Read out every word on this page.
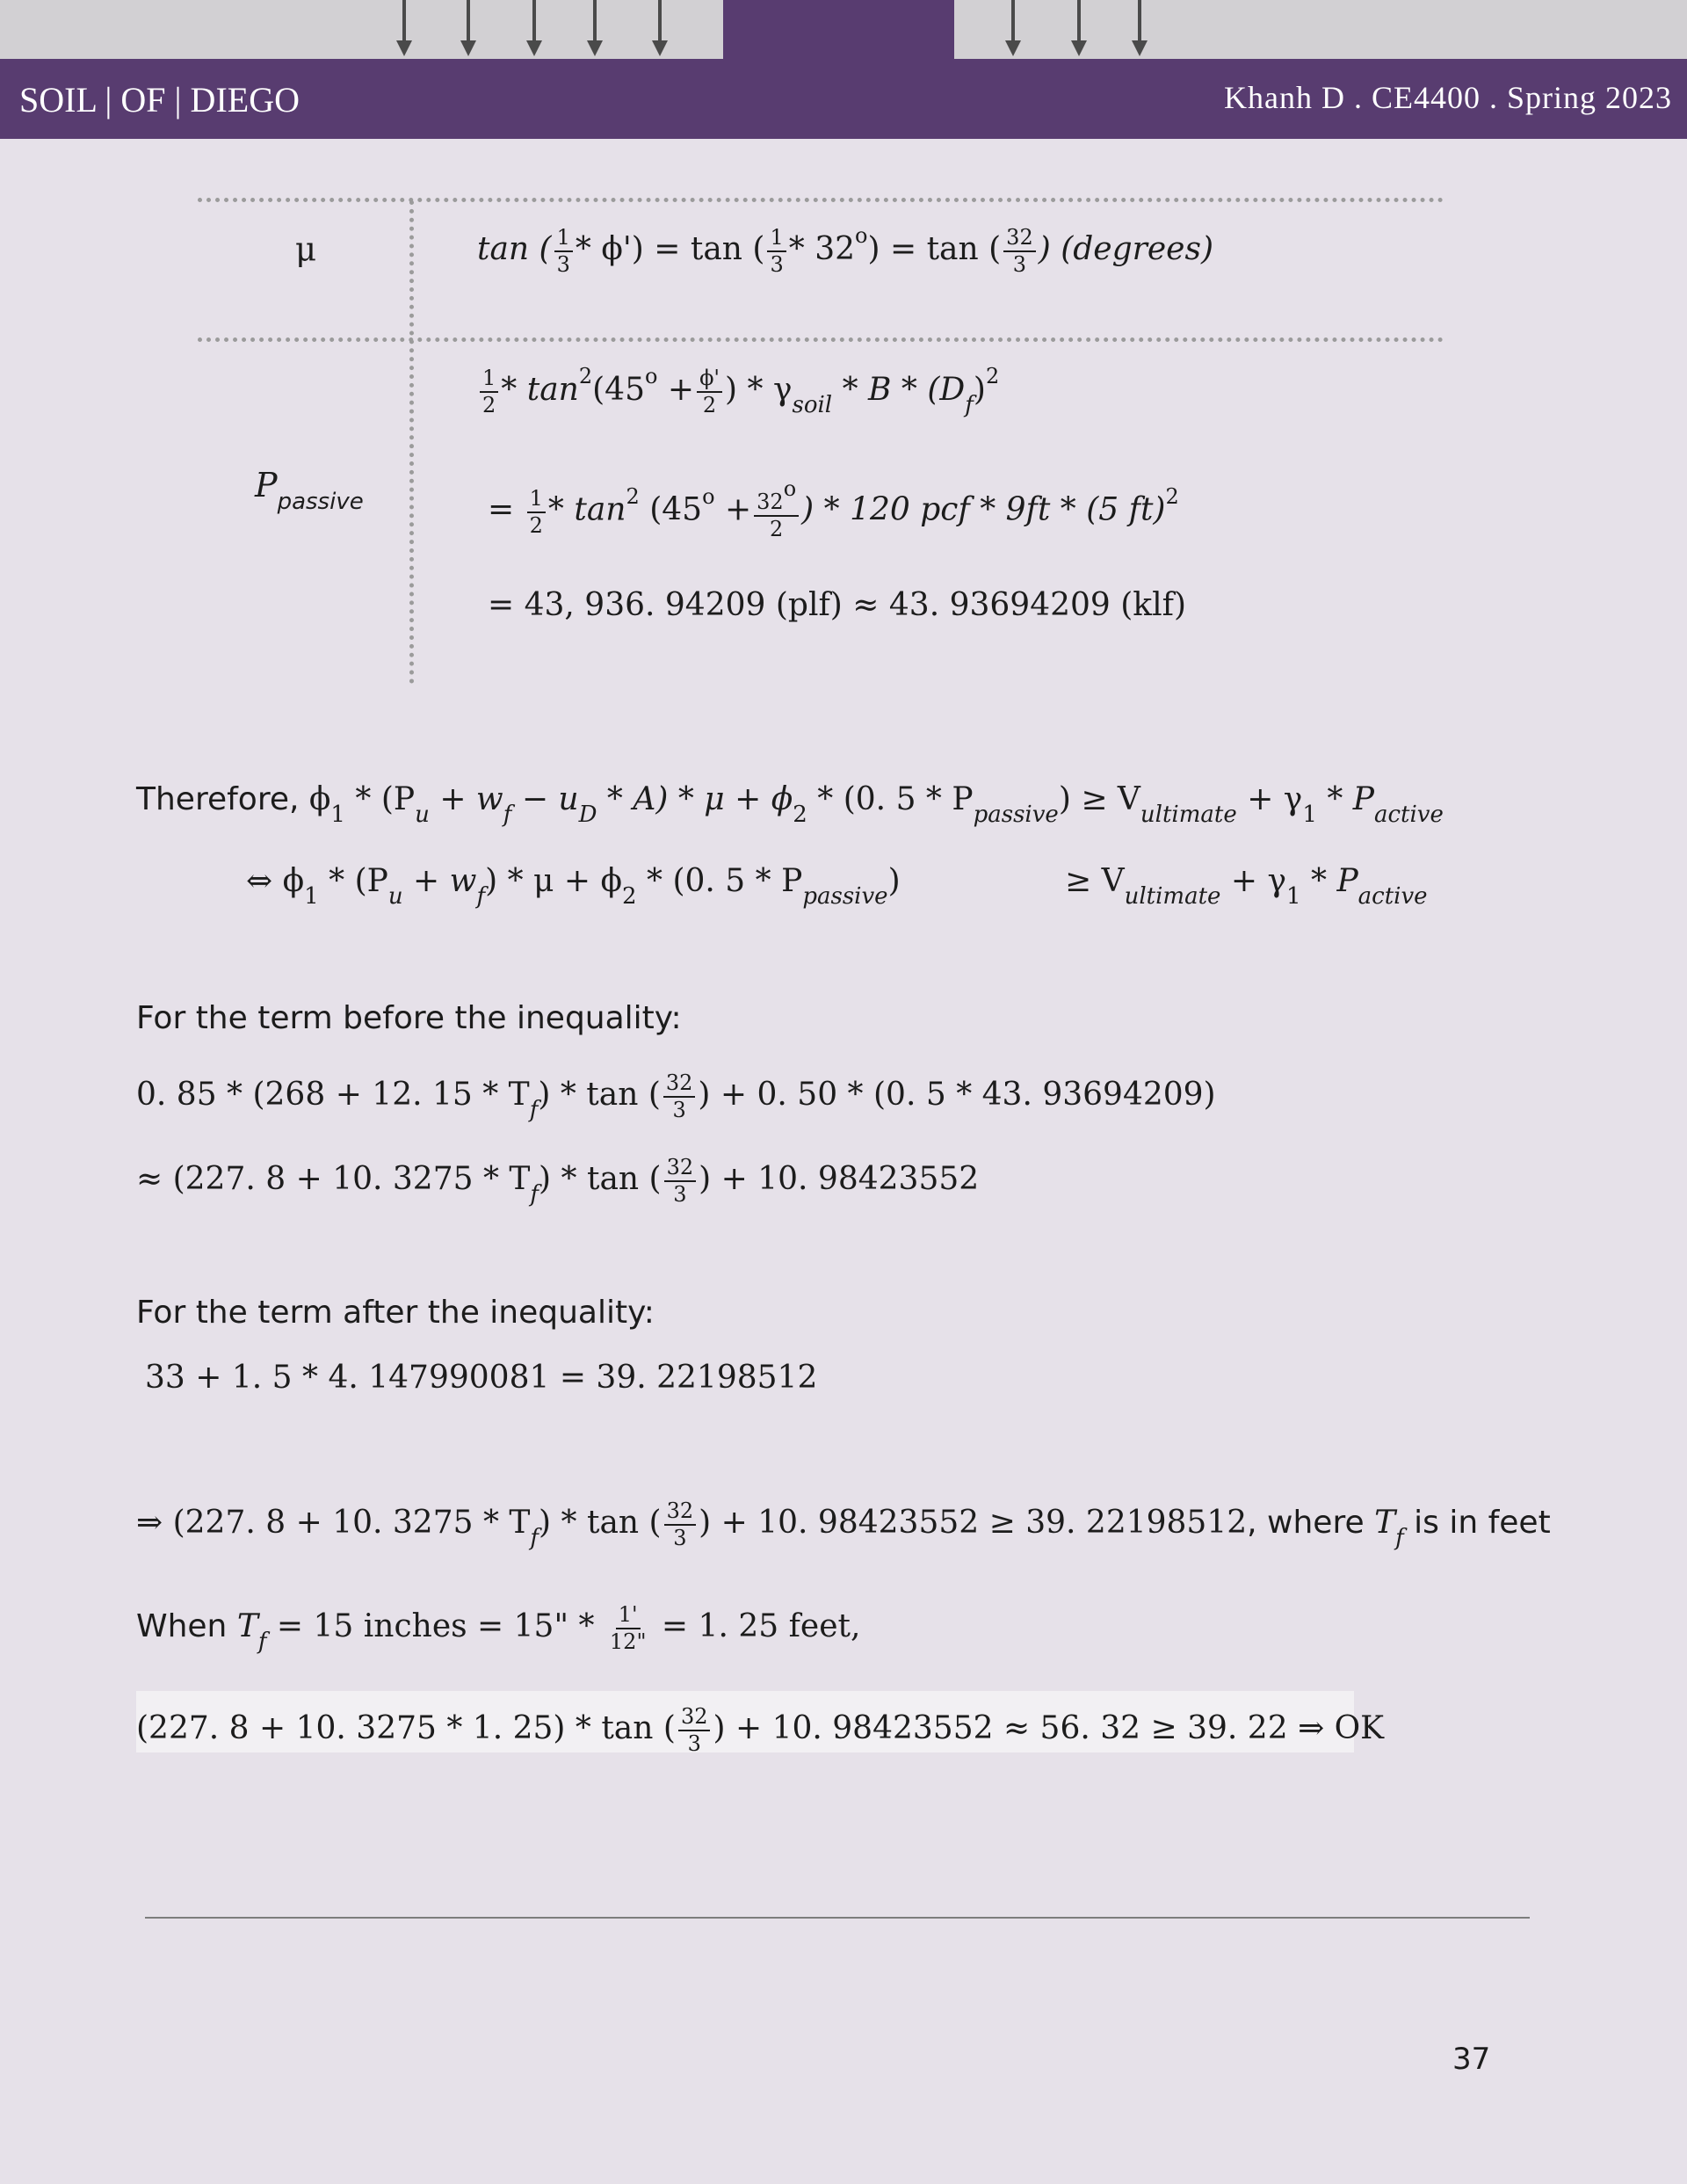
SOIL | OF | DIEGO	Khanh D . CE4400 . Spring 2023
μ
$P_{passive}$
tan ( $\frac{1}{3} * \phi') = \tan$ ( $\frac{1}{3} * 32^o) = \tan$ ( $\frac{32}{3}$ ) (degrees)
$\frac{1}{2} * \tan^2(45^o + \frac{\phi'}{2}$ ) * $\gamma_{soil}$ * B * $(D_f)^2$
= $\frac{1}{2} * \tan^2 (45^o + \frac{32^o}{2}$ ) * 120 pcf * 9ft * (5 ft)$^2$
= 43, 936. 94209 (plf) ≈ 43. 93694209 (klf)
Therefore, $\phi_1 * (P_u + w_f - u_D * A) * \mu + \phi_2 * (0$. $5 * P_{passive}) \ge V_{ultimate} + \gamma_1 * P_{active}$
⇔ $\phi_1 * (P_u + w_f) * \mu + \phi_2 * (0$. $5 * P_{passive}$)	≥ $V_{ultimate} + \gamma_1 * P_{active}$
For the term before the inequality:
0. 85 * (268 + 12. $15 * T_f$) * tan ( $\frac{32}{3}$ ) + 0. 50 * (0. 5 * 43. 93694209)
≈ (227. 8 + 10. $3275 * T_f$) * tan ( $\frac{32}{3}$ ) + 10. 98423552
For the term after the inequality:
33 + 1. 5 * 4. 147990081 = 39. 22198512
⇒ (227. 8 + 10. $3275 * T_f$) * tan ( $\frac{32}{3}$ ) + 10. 98423552 ≥ 39. 22198512, where $T_f$ is in feet
When $T_f = 15$ inches = 15" * $\frac{1'}{12"} = 1$. 25 feet,
(227. 8 + 10. 3275 * 1. 25) * tan ( $\frac{32}{3}$ ) + 10. 98423552 ≈ 56. 32 ≥ 39. 22 ⇒ OK
37
